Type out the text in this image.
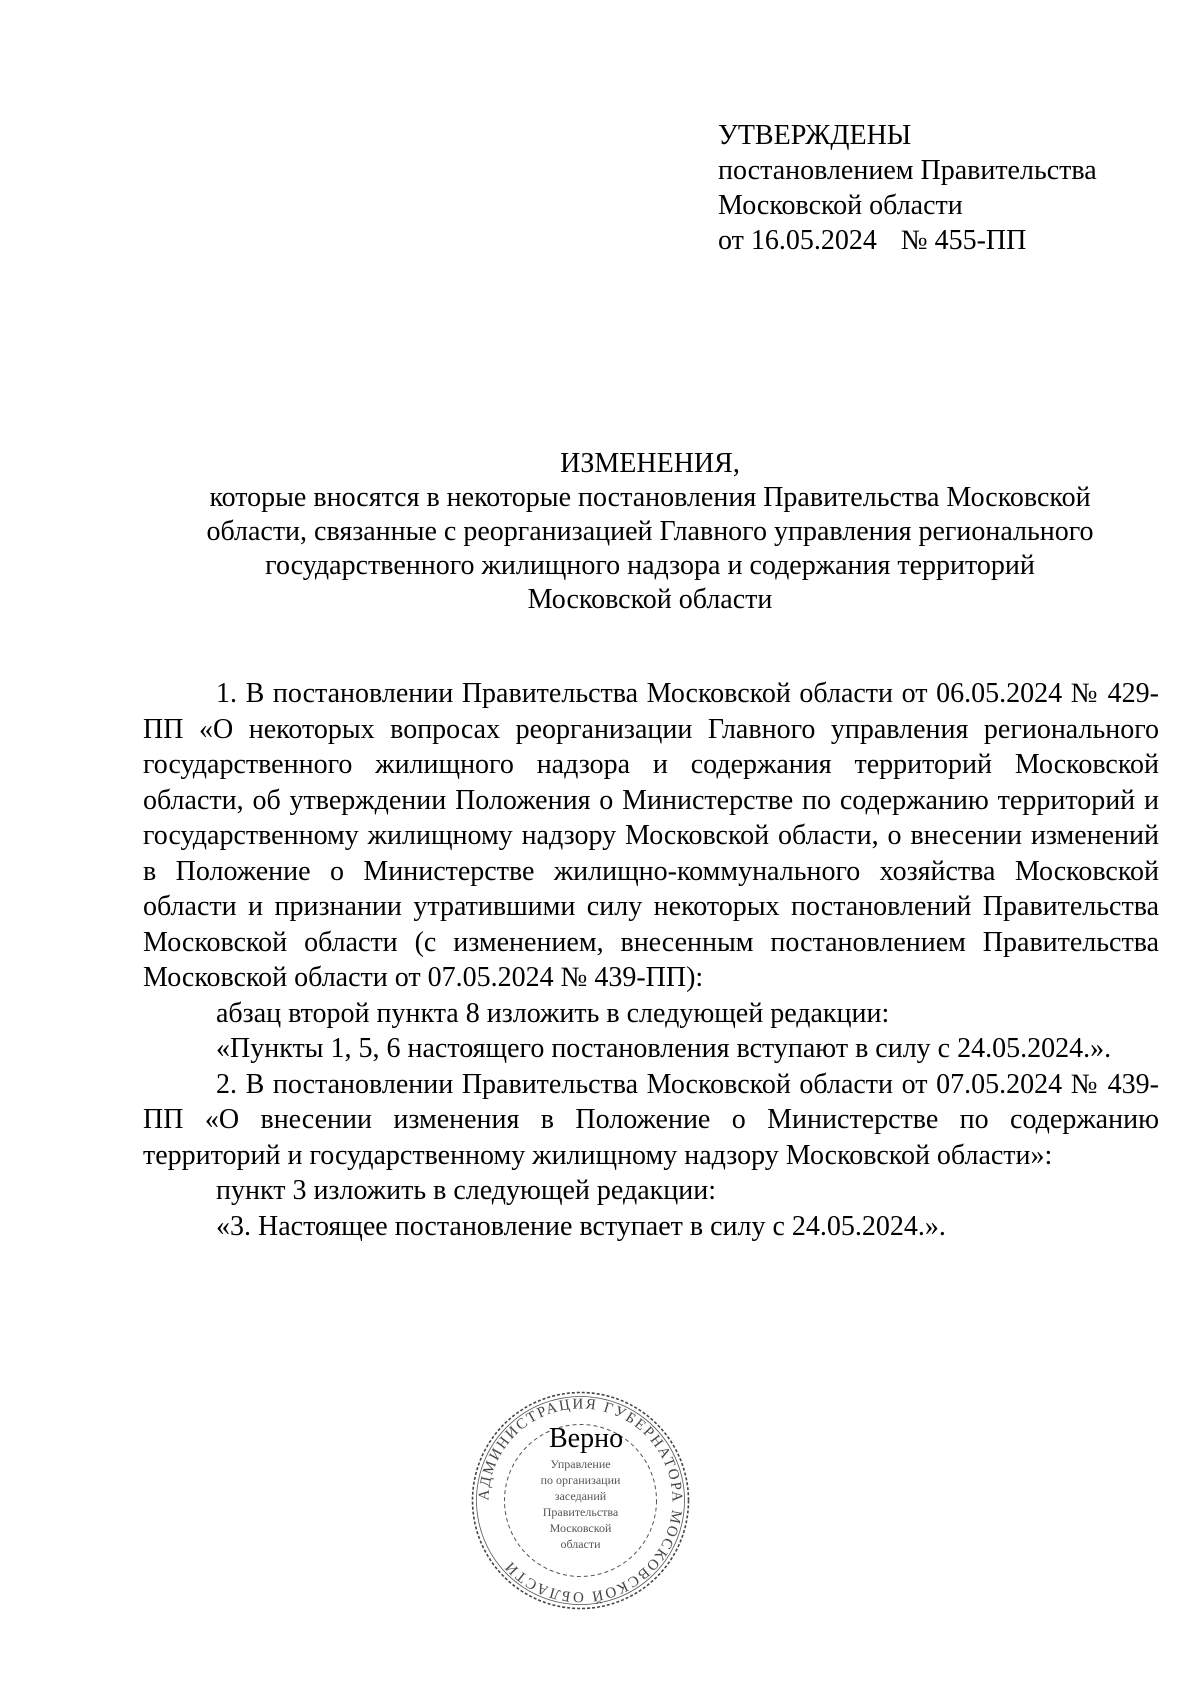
УТВЕРЖДЕНЫ
постановлением Правительства
Московской области
от 16.05.2024 № 455-ПП
ИЗМЕНЕНИЯ,
которые вносятся в некоторые постановления Правительства Московской
области, связанные с реорганизацией Главного управления регионального
государственного жилищного надзора и содержания территорий
Московской области

1. В постановлении Правительства Московской области от 06.05.2024 № 429-ПП «О некоторых вопросах реорганизации Главного управления регионального государственного жилищного надзора и содержания территорий Московской области, об утверждении Положения о Министерстве по содержанию территорий и государственному жилищному надзору Московской области, о внесении изменений в Положение о Министерстве жилищно-коммунального хозяйства Московской области и признании утратившими силу некоторых постановлений Правительства Московской области (с изменением, внесенным постановлением Правительства Московской области от 07.05.2024 № 439-ПП):

абзац второй пункта 8 изложить в следующей редакции:

«Пункты 1, 5, 6 настоящего постановления вступают в силу с 24.05.2024.».

2. В постановлении Правительства Московской области от 07.05.2024 № 439-ПП «О внесении изменения в Положение о Министерстве по содержанию территорий и государственному жилищному надзору Московской области»:

пункт 3 изложить в следующей редакции:

«3. Настоящее постановление вступает в силу с 24.05.2024.».

АДМИНИСТРАЦИЯ ГУБЕРНАТОРА МОСКОВСКОЙ ОБЛАСТИ
Управление
по организации
заседаний
Правительства
Московской
области
Верно
